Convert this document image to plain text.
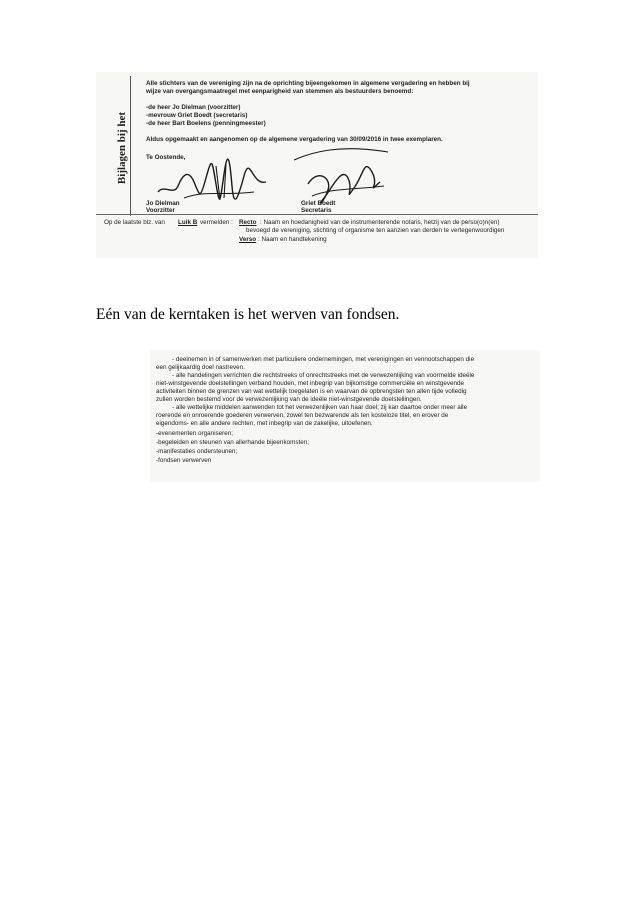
Bijlagen bij het
Alle stichters van de vereniging zijn na de oprichting bijeengekomen in algemene vergadering en hebben bij
wijze van overgangsmaatregel met eenparigheid van stemmen als bestuurders benoemd:
-de heer Jo Dielman (voorzitter)
-mevrouw Griet Boedt (secretaris)
-de heer Bart Boelens (penningmeester)
Aldus opgemaakt en aangenomen op de algemene vergadering van 30/09/2016 in twee exemplaren.
Te Oostende,
Jo Dielman
Voorzitter
Griet Boedt
Secretaris
Op de laatste blz. van Luik B vermelden : Recto : Naam en hoedanigheid van de instrumenterende notaris, hetzij van de perso(o)n(en)
bevoegd de vereniging, stichting of organisme ten aanzien van derden te vertegenwoordigen
Verso : Naam en handtekening
Eén van de kerntaken is het werven van fondsen.
- deelnemen in of samenwerken met particuliere ondernemingen, met verenigingen en vennootschappen die
een gelijkaardig doel nastreven.
- alle handelingen verrichten die rechtstreeks of onrechtstreeks met de verwezenlijking van voormelde ideële
niet-winstgevende doelstellingen verband houden, met inbegrip van bijkomstige commerciële en winstgevende
activiteiten binnen de grenzen van wat wettelijk toegelaten is en waarvan de opbrengsten ten allen tijde volledig
zullen worden bestemd voor de verwezenlijking van de ideële niet-winstgevende doelstellingen.
- alle wettelijke middelen aanwenden tot het verwezenlijken van haar doel; zij kan daartoe onder meer alle
roerende en onroerende goederen verwerven, zowel ten bezwarende als ten kosteloze titel, en erover de
eigendoms- en alle andere rechten, met inbegrip van de zakelijke, uitoefenen.
-evenementen organiseren;
-begeleiden en steunen van allerhande bijeenkomsten;
-manifestaties ondersteunen;
-fondsen verwerven
